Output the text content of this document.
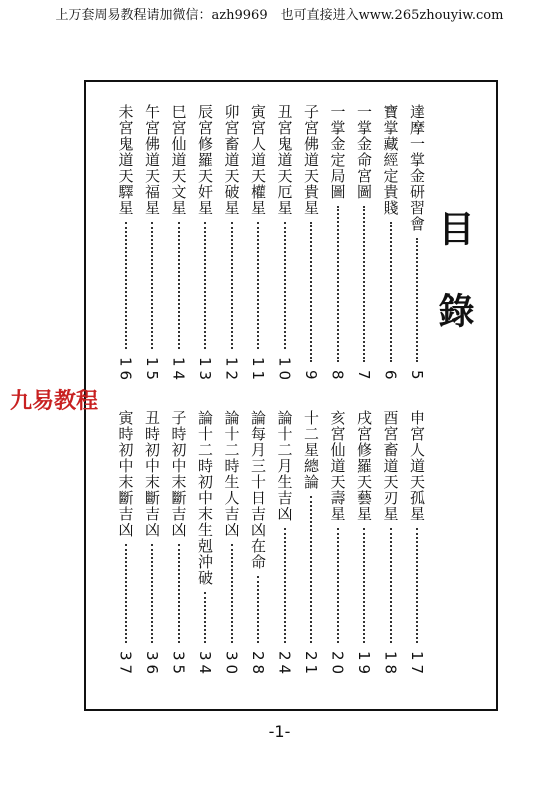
上万套周易教程请加微信：azh9969　也可直接进入www.265zhouyiw.com
目
錄
達摩一掌金研習會
5
寶掌藏經定貴賤
6
一掌金命宮圖
7
一掌金定局圖
8
子宮佛道天貴星
9
丑宮鬼道天厄星
10
寅宮人道天權星
11
卯宮畜道天破星
12
辰宮修羅天奸星
13
巳宮仙道天文星
14
午宮佛道天福星
15
未宮鬼道天驛星
16
申宮人道天孤星
17
酉宮畜道天刃星
18
戌宮修羅天藝星
19
亥宮仙道天壽星
20
十二星總論
21
論十二月生吉凶
24
論每月三十日吉凶在命
28
論十二時生人吉凶
30
論十二時初中末生剋沖破
34
子時初中末斷吉凶
35
丑時初中末斷吉凶
36
寅時初中末斷吉凶
37
九易教程
-1-
